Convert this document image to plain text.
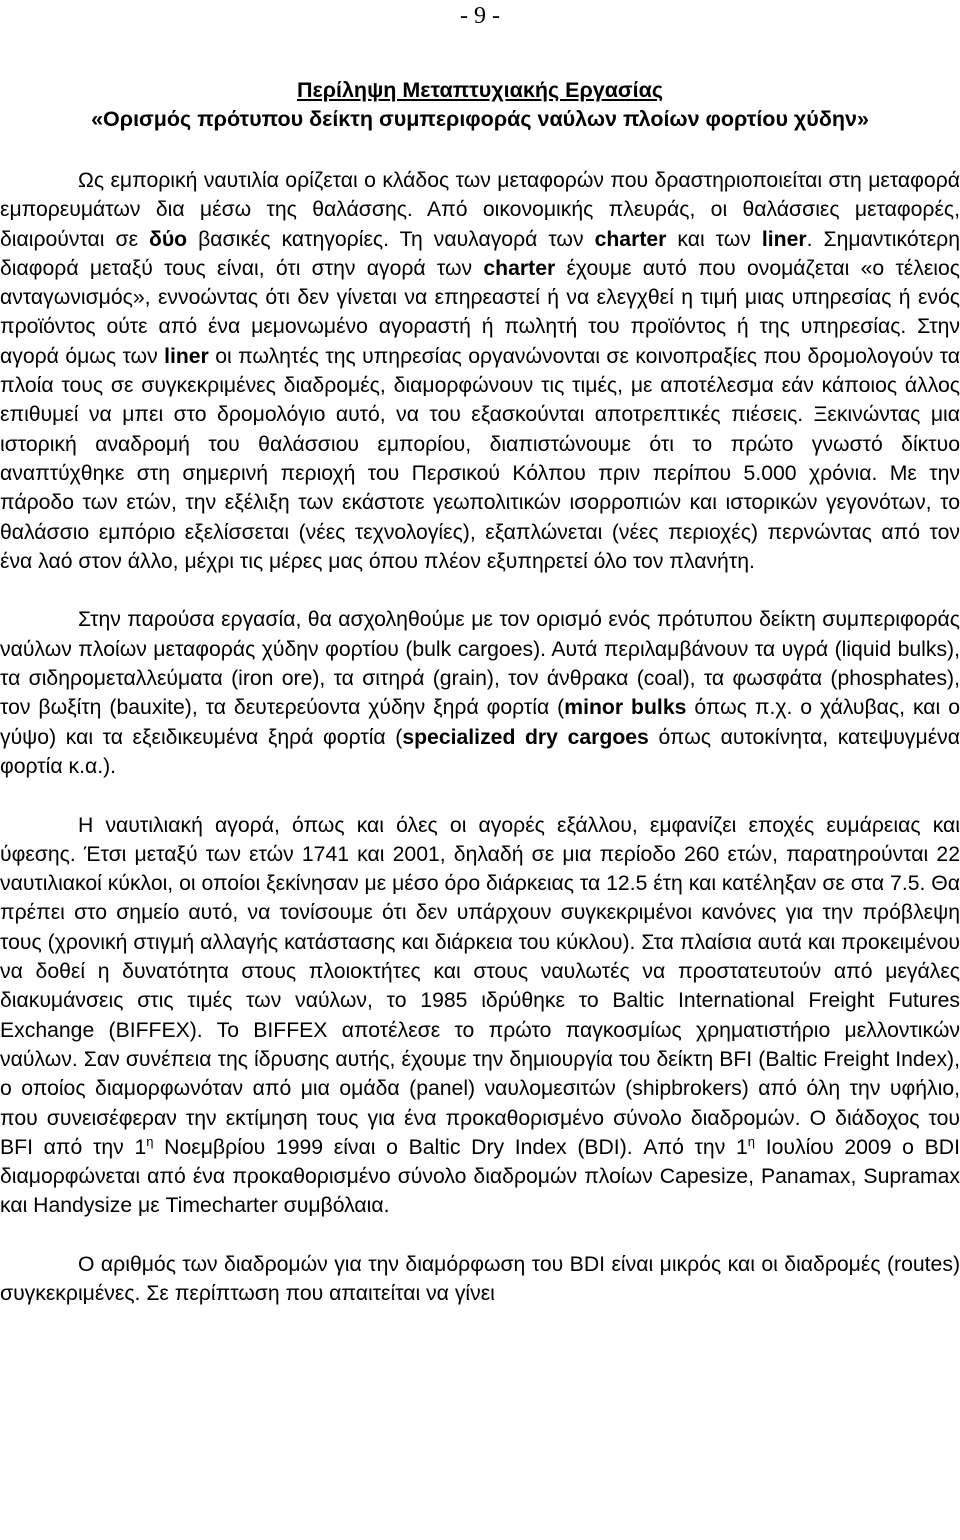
- 9 -
Περίληψη Μεταπτυχιακής Εργασίας
«Ορισμός πρότυπου δείκτη συμπεριφοράς ναύλων πλοίων φορτίου χύδην»

Ως εμπορική ναυτιλία ορίζεται ο κλάδος των μεταφορών που δραστηριοποιείται στη μεταφορά εμπορευμάτων δια μέσω της θαλάσσης. Από οικονομικής πλευράς, οι θαλάσσιες μεταφορές, διαιρούνται σε δύο βασικές κατηγορίες. Τη ναυλαγορά των charter και των liner. Σημαντικότερη διαφορά μεταξύ τους είναι, ότι στην αγορά των charter έχουμε αυτό που ονομάζεται «ο τέλειος ανταγωνισμός», εννοώντας ότι δεν γίνεται να επηρεαστεί ή να ελεγχθεί η τιμή μιας υπηρεσίας ή ενός προϊόντος ούτε από ένα μεμονωμένο αγοραστή ή πωλητή του προϊόντος ή της υπηρεσίας. Στην αγορά όμως των liner οι πωλητές της υπηρεσίας οργανώνονται σε κοινοπραξίες που δρομολογούν τα πλοία τους σε συγκεκριμένες διαδρομές, διαμορφώνουν τις τιμές, με αποτέλεσμα εάν κάποιος άλλος επιθυμεί να μπει στο δρομολόγιο αυτό, να του εξασκούνται αποτρεπτικές πιέσεις. Ξεκινώντας μια ιστορική αναδρομή του θαλάσσιου εμπορίου, διαπιστώνουμε ότι το πρώτο γνωστό δίκτυο αναπτύχθηκε στη σημερινή περιοχή του Περσικού Κόλπου πριν περίπου 5.000 χρόνια. Με την πάροδο των ετών, την εξέλιξη των εκάστοτε γεωπολιτικών ισορροπιών και ιστορικών γεγονότων, το θαλάσσιο εμπόριο εξελίσσεται (νέες τεχνολογίες), εξαπλώνεται (νέες περιοχές) περνώντας από τον ένα λαό στον άλλο, μέχρι τις μέρες μας όπου πλέον εξυπηρετεί όλο τον πλανήτη.

Στην παρούσα εργασία, θα ασχοληθούμε με τον ορισμό ενός πρότυπου δείκτη συμπεριφοράς ναύλων πλοίων μεταφοράς χύδην φορτίου (bulk cargoes). Αυτά περιλαμβάνουν τα υγρά (liquid bulks), τα σιδηρομεταλλεύματα (iron ore), τα σιτηρά (grain), τον άνθρακα (coal), τα φωσφάτα (phosphates), τον βωξίτη (bauxite), τα δευτερεύοντα χύδην ξηρά φορτία (minor bulks όπως π.χ. ο χάλυβας, και ο γύψο) και τα εξειδικευμένα ξηρά φορτία (specialized dry cargoes όπως αυτοκίνητα, κατεψυγμένα φορτία κ.α.).

Η ναυτιλιακή αγορά, όπως και όλες οι αγορές εξάλλου, εμφανίζει εποχές ευμάρειας και ύφεσης. Έτσι μεταξύ των ετών 1741 και 2001, δηλαδή σε μια περίοδο 260 ετών, παρατηρούνται 22 ναυτιλιακοί κύκλοι, οι οποίοι ξεκίνησαν με μέσο όρο διάρκειας τα 12.5 έτη και κατέληξαν σε στα 7.5. Θα πρέπει στο σημείο αυτό, να τονίσουμε ότι δεν υπάρχουν συγκεκριμένοι κανόνες για την πρόβλεψη τους (χρονική στιγμή αλλαγής κατάστασης και διάρκεια του κύκλου). Στα πλαίσια αυτά και προκειμένου να δοθεί η δυνατότητα στους πλοιοκτήτες και στους ναυλωτές να προστατευτούν από μεγάλες διακυμάνσεις στις τιμές των ναύλων, το 1985 ιδρύθηκε το Baltic International Freight Futures Exchange (BIFFEX). To BIFFEX αποτέλεσε το πρώτο παγκοσμίως χρηματιστήριο μελλοντικών ναύλων. Σαν συνέπεια της ίδρυσης αυτής, έχουμε την δημιουργία του δείκτη BFI (Baltic Freight Index), ο οποίος διαμορφωνόταν από μια ομάδα (panel) ναυλομεσιτών (shipbrokers) από όλη την υφήλιο, που συνεισέφεραν την εκτίμηση τους για ένα προκαθορισμένο σύνολο διαδρομών. Ο διάδοχος του BFI από την $1^\eta$ Νοεμβρίου 1999 είναι ο Baltic Dry Index (BDI). Από την $1^\eta$ Ιουλίου 2009 ο BDI διαμορφώνεται από ένα προκαθορισμένο σύνολο διαδρομών πλοίων Capesize, Panamax, Supramax και Handysize με Timecharter συμβόλαια.

Ο αριθμός των διαδρομών για την διαμόρφωση του BDI είναι μικρός και οι διαδρομές (routes) συγκεκριμένες. Σε περίπτωση που απαιτείται να γίνει
